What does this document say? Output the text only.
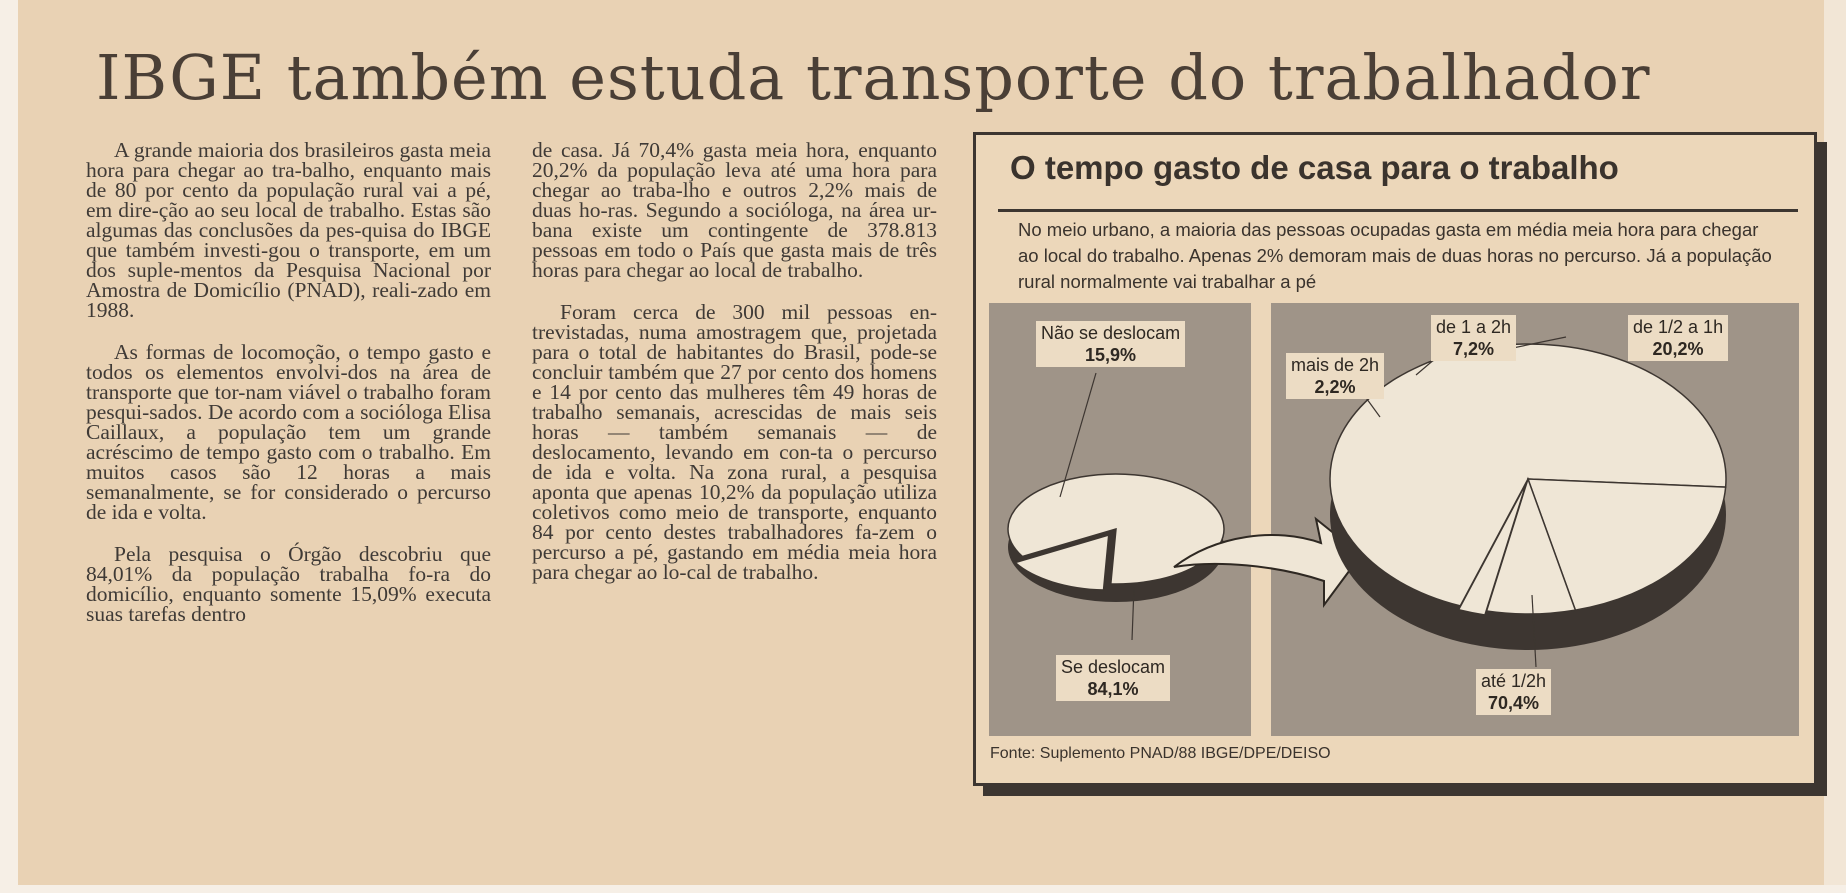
IBGE também estuda transporte do trabalhador

A grande maioria dos brasileiros gasta meia hora para chegar ao tra-balho, enquanto mais de 80 por cento da população rural vai a pé, em dire-ção ao seu local de trabalho. Estas são algumas das conclusões da pes-quisa do IBGE que também investi-gou o transporte, em um dos suple-mentos da Pesquisa Nacional por Amostra de Domicílio (PNAD), reali-zado em 1988.

As formas de locomoção, o tempo gasto e todos os elementos envolvi-dos na área de transporte que tor-nam viável o trabalho foram pesqui-sados. De acordo com a socióloga Elisa Caillaux, a população tem um grande acréscimo de tempo gasto com o trabalho. Em muitos casos são 12 horas a mais semanalmente, se for considerado o percurso de ida e volta.

Pela pesquisa o Órgão descobriu que 84,01% da população trabalha fo-ra do domicílio, enquanto somente 15,09% executa suas tarefas dentro

de casa. Já 70,4% gasta meia hora, enquanto 20,2% da população leva até uma hora para chegar ao traba-lho e outros 2,2% mais de duas ho-ras. Segundo a socióloga, na área ur-bana existe um contingente de 378.813 pessoas em todo o País que gasta mais de três horas para chegar ao local de trabalho.

Foram cerca de 300 mil pessoas en-trevistadas, numa amostragem que, projetada para o total de habitantes do Brasil, pode-se concluir também que 27 por cento dos homens e 14 por cento das mulheres têm 49 horas de trabalho semanais, acrescidas de mais seis horas — também semanais — de deslocamento, levando em con-ta o percurso de ida e volta. Na zona rural, a pesquisa aponta que apenas 10,2% da população utiliza coletivos como meio de transporte, enquanto 84 por cento destes trabalhadores fa-zem o percurso a pé, gastando em média meia hora para chegar ao lo-cal de trabalho.

O tempo gasto de casa para o trabalho
No meio urbano, a maioria das pessoas ocupadas gasta em média meia hora para chegar ao local do trabalho. Apenas 2% demoram mais de duas horas no percurso. Já a população rural normalmente vai trabalhar a pé
Não se deslocam
15,9%
Se deslocam
84,1%	até 1/2h
70,4%
de 1/2 a 1h
20,2%
de 1 a 2h
7,2%
mais de 2h
2,2%
Fonte: Suplemento PNAD/88 IBGE/DPE/DEISO
